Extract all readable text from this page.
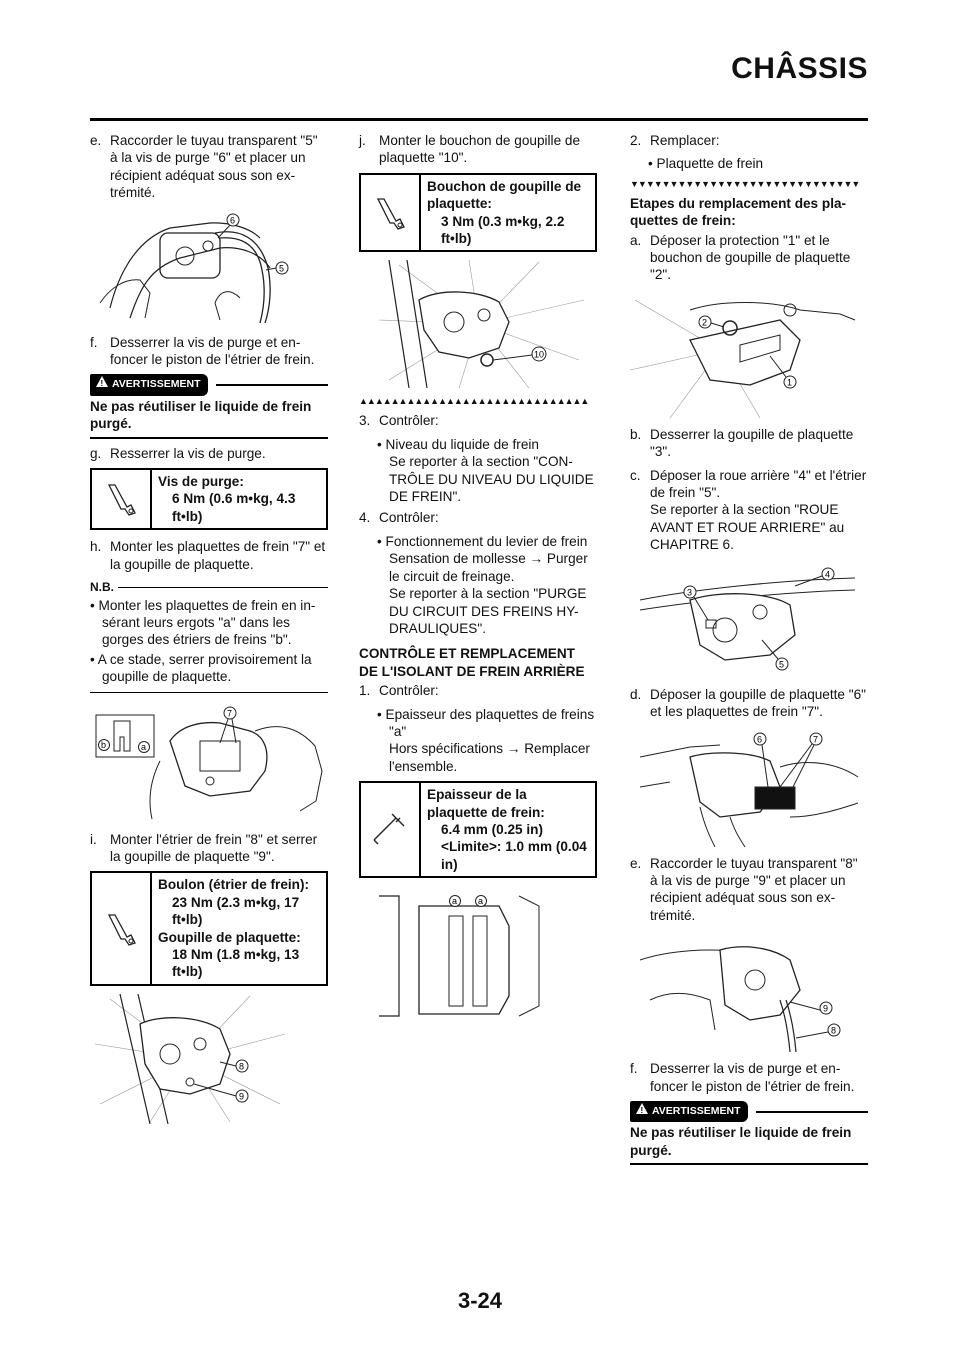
CHÂSSIS
e. Raccorder le tuyau transparent "5" à la vis de purge "6" et placer un récipient adéquat sous son ex-trémité.
6
5
f. Desserrer la vis de purge et en-foncer le piston de l'étrier de frein.
! AVERTISSEMENT
Ne pas réutiliser le liquide de frein purgé.
g. Resserrer la vis de purge.
Vis de purge:
6 Nm (0.6 m•kg, 4.3 ft•lb)
h. Monter les plaquettes de frein "7" et la goupille de plaquette.
N.B.
• Monter les plaquettes de frein en in-sérant leurs ergots "a" dans les gorges des étriers de freins "b".
• A ce stade, serrer provisoirement la goupille de plaquette.
b	a
7
i. Monter l'étrier de frein "8" et serrer la goupille de plaquette "9".
Boulon (étrier de frein):
23 Nm (2.3 m•kg, 17 ft•lb)
Goupille de plaquette:
18 Nm (1.8 m•kg, 13 ft•lb)
8
9
j. Monter le bouchon de goupille de plaquette "10".
Bouchon de goupille de plaquette:
3 Nm (0.3 m•kg, 2.2 ft•lb)
10
▲▲▲▲▲▲▲▲▲▲▲▲▲▲▲▲▲▲▲▲▲▲▲▲▲▲▲▲▲
3. Contrôler:
• Niveau du liquide de frein
Se reporter à la section "CON-TRÔLE DU NIVEAU DU LIQUIDE DE FREIN".
4. Contrôler:
• Fonctionnement du levier de frein
Sensation de mollesse → Purger le circuit de freinage.
Se reporter à la section "PURGE DU CIRCUIT DES FREINS HY-DRAULIQUES".
CONTRÔLE ET REMPLACEMENT DE L'ISOLANT DE FREIN ARRIÈRE
1. Contrôler:
• Epaisseur des plaquettes de freins "a"
Hors spécifications → Remplacer l'ensemble.
Epaisseur de la plaquette de frein:
6.4 mm (0.25 in)
<Limite>: 1.0 mm (0.04 in)
a a
2. Remplacer:
• Plaquette de frein
▼▼▼▼▼▼▼▼▼▼▼▼▼▼▼▼▼▼▼▼▼▼▼▼▼▼▼▼▼
Etapes du remplacement des pla-quettes de frein:
a. Déposer la protection "1" et le bouchon de goupille de plaquette "2".
2
1
b. Desserrer la goupille de plaquette "3".
c. Déposer la roue arrière "4" et l'étrier de frein "5".
Se reporter à la section "ROUE AVANT ET ROUE ARRIERE" au CHAPITRE 6.
4
3
5
d. Déposer la goupille de plaquette "6" et les plaquettes de frein "7".
6	7
e. Raccorder le tuyau transparent "8" à la vis de purge "9" et placer un récipient adéquat sous son ex-trémité.
9
8
f. Desserrer la vis de purge et en-foncer le piston de l'étrier de frein.
! AVERTISSEMENT
Ne pas réutiliser le liquide de frein purgé.
3-24
